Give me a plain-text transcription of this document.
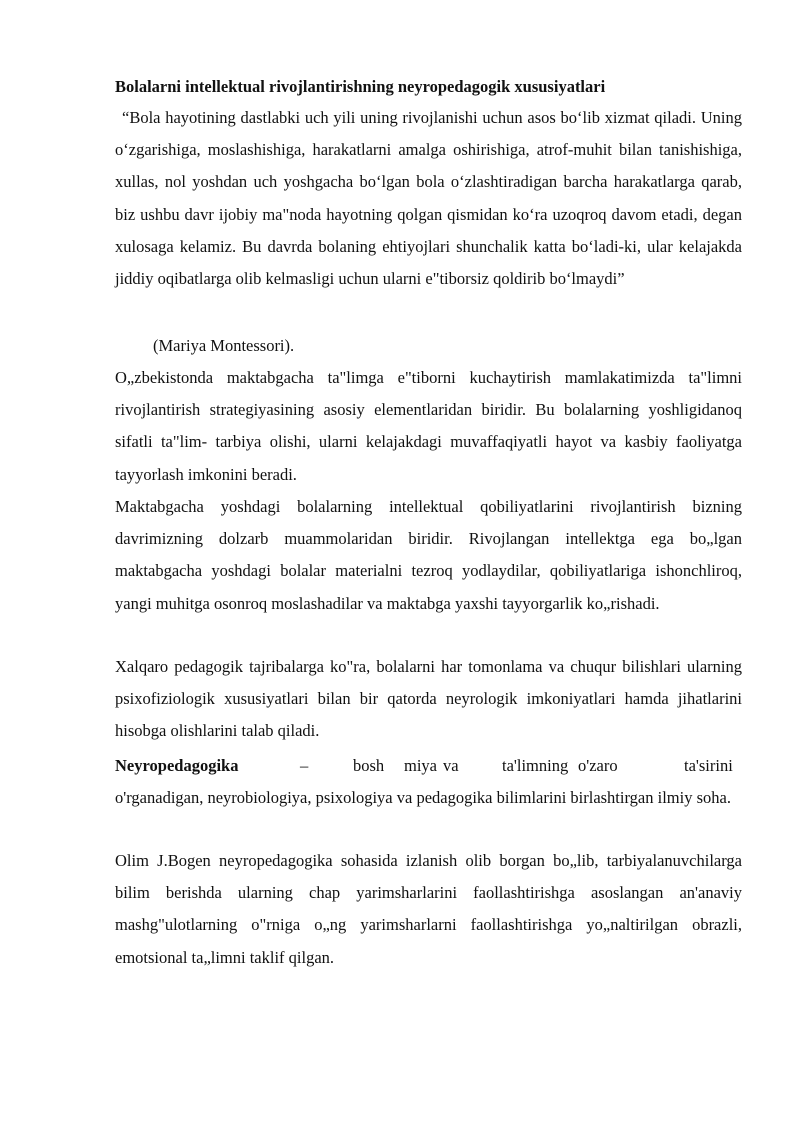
Bolalarni intellektual rivojlantirishning neyropedagogik xususiyatlari
“Bola hayotining dastlabki uch yili uning rivojlanishi uchun asos bo‘lib xizmat qiladi. Uning o‘zgarishiga, moslashishiga, harakatlarni amalga oshirishiga, atrof-muhit bilan tanishishiga, xullas, nol yoshdan uch yoshgacha bo‘lgan bola o‘zlashtiradigan barcha harakatlarga qarab, biz ushbu davr ijobiy ma"noda hayotning qolgan qismidan ko‘ra uzoqroq davom etadi, degan xulosaga kelamiz. Bu davrda bolaning ehtiyojlari shunchalik katta bo‘ladi-ki, ular kelajakda jiddiy oqibatlarga olib kelmasligi uchun ularni e"tiborsiz qoldirib bo‘lmaydi”
(Mariya Montessori).
O„zbekistonda maktabgacha ta"limga e"tiborni kuchaytirish mamlakatimizda ta"limni rivojlantirish strategiyasining asosiy elementlaridan biridir. Bu bolalarning yoshligidanoq sifatli ta"lim- tarbiya olishi, ularni kelajakdagi muvaffaqiyatli hayot va kasbiy faoliyatga tayyorlash imkonini beradi.
Maktabgacha yoshdagi bolalarning intellektual qobiliyatlarini rivojlantirish bizning davrimizning dolzarb muammolaridan biridir. Rivojlangan intellektga ega bo„lgan maktabgacha yoshdagi bolalar materialni tezroq yodlaydilar, qobiliyatlariga ishonchliroq, yangi muhitga osonroq moslashadilar va maktabga yaxshi tayyorgarlik ko„rishadi.
Xalqaro pedagogik tajribalarga ko"ra, bolalarni har tomonlama va chuqur bilishlari ularning psixofiziologik xususiyatlari bilan bir qatorda neyrologik imkoniyatlari hamda jihatlarini hisobga olishlarini talab qiladi.
Neyropedagogika	–	bosh miya va	ta'limning o'zaro	ta'sirini
o'rganadigan, neyrobiologiya, psixologiya va pedagogika bilimlarini birlashtirgan ilmiy soha.
Olim J.Bogen neyropedagogika sohasida izlanish olib borgan bo„lib, tarbiyalanuvchilarga bilim berishda ularning chap yarimsharlarini faollashtirishga asoslangan an'anaviy mashg"ulotlarning o"rniga o„ng yarimsharlarni faollashtirishga yo„naltirilgan obrazli, emotsional ta„limni taklif qilgan.
